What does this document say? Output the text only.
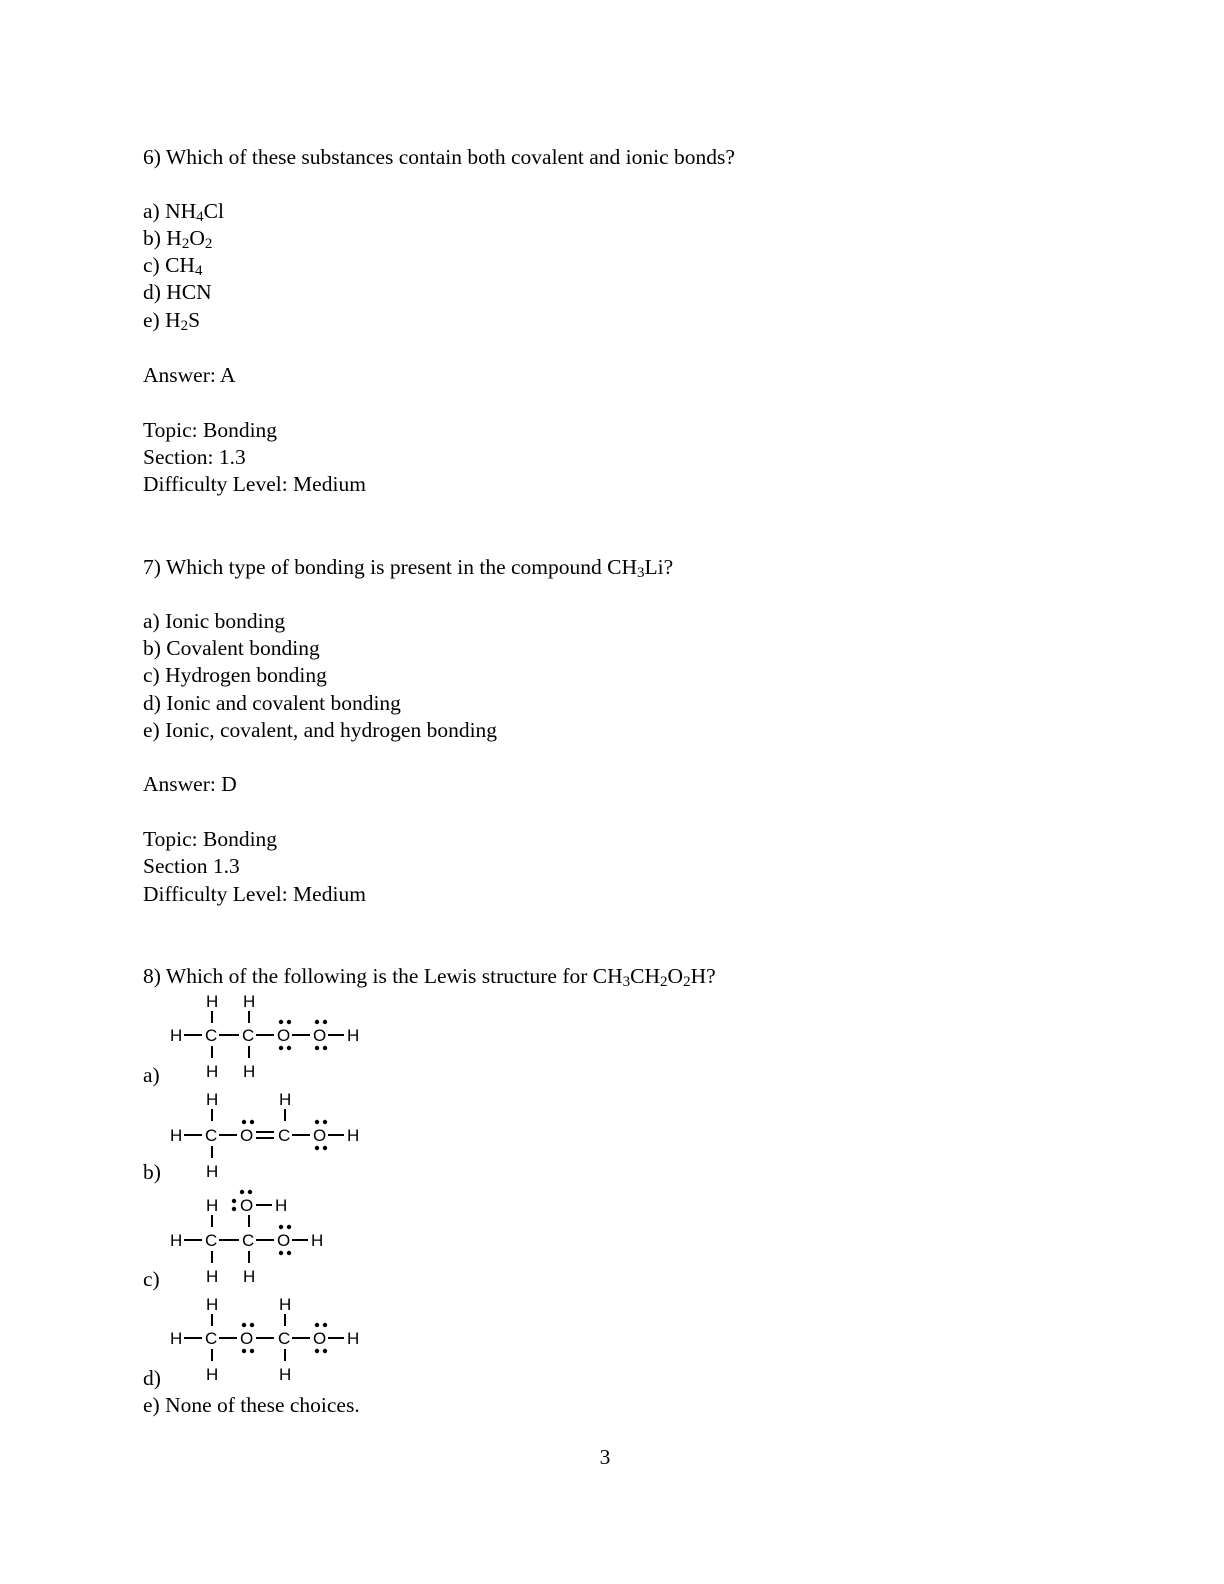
6) Which of these substances contain both covalent and ionic bonds?
a) $NH_4Cl$
b) $H_2O_2$
c) $CH_4$
d) HCN
e) $H_2S$
Answer: A
Topic: Bonding
Section: 1.3
Difficulty Level: Medium
7) Which type of bonding is present in the compound $CH_3Li$?
a) Ionic bonding
b) Covalent bonding
c) Hydrogen bonding
d) Ionic and covalent bonding
e) Ionic, covalent, and hydrogen bonding
Answer: D
Topic: Bonding
Section 1.3
Difficulty Level: Medium
8) Which of the following is the Lewis structure for $CH_3CH_2O_2H$?
H H
H C C O O H
H H
a)
H	H
H C O C O H
H
b)
H O H
H C C O H
H H
c)
H	H
H C O C O H
H	H
d)
e) None of these choices.
3
